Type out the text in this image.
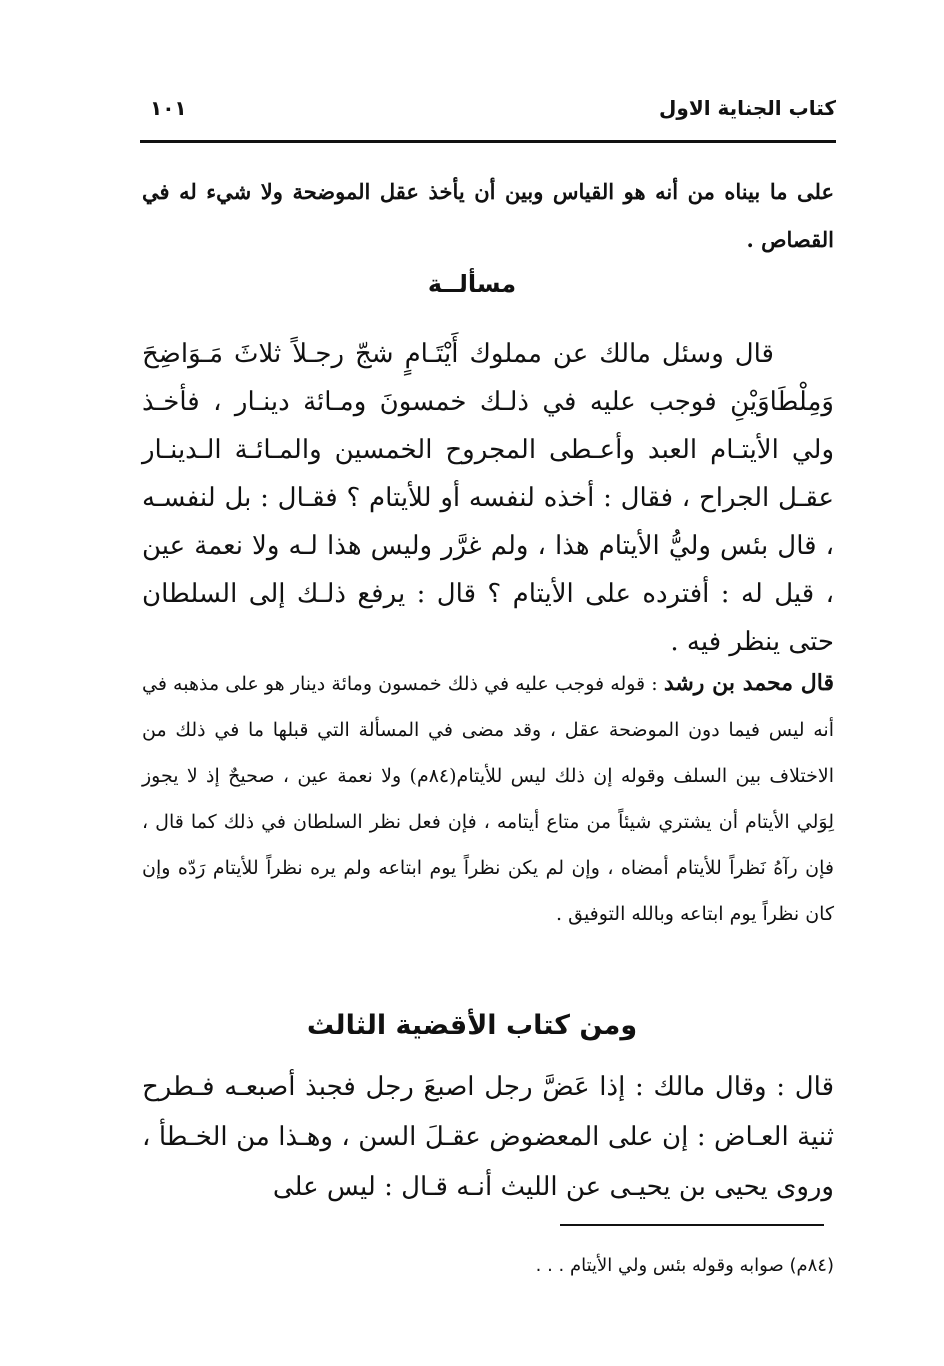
كتاب الجناية الاول
١٠١
على ما بيناه من أنه هو القياس وبين أن يأخذ عقل الموضحة ولا شيء له في القصاص .
مسألــة
قال وسئل مالك عن مملوك أَيْتَـامٍ شجّ رجـلاً ثلاثَ مَـوَاضِحَ وَمِلْطَاوَيْنِ فوجب عليه في ذلـك خمسونَ ومـائة دينـار ، فأخـذ ولي الأيتـام العبد وأعـطى المجروح الخمسين والمـائـة الـدينـار عقـل الجراح ، فقال : أخذه لنفسه أو للأيتام ؟ فقـال : بل لنفسـه ، قال بئس وليُّ الأيتام هذا ، ولم غرَّر وليس هذا لـه ولا نعمة عين ، قيل له : أفترده على الأيتام ؟ قال : يرفع ذلـك إلى السلطان حتى ينظر فيه .
قال محمد بن رشد : قوله فوجب عليه في ذلك خمسون ومائة دينار هو على مذهبه في أنه ليس فيما دون الموضحة عقل ، وقد مضى في المسألة التي قبلها ما في ذلك من الاختلاف بين السلف وقوله إن ذلك ليس للأيتام(٨٤م) ولا نعمة عين ، صحيحٌ إذ لا يجوز لِوَلي الأيتام أن يشتري شيئاً من متاع أيتامه ، فإن فعل نظر السلطان في ذلك كما قال ، فإن رآهُ نَظراً للأيتام أمضاه ، وإن لم يكن نظراً يوم ابتاعه ولم يره نظراً للأيتام رَدّه وإن كان نظراً يوم ابتاعه وبالله التوفيق .
ومن كتاب الأقضية الثالث
قال : وقال مالك : إذا عَضَّ رجل اصبعَ رجل فجبذ أصبعـه فـطرح ثنية العـاض : إن على المعضوض عقـلَ السن ، وهـذا من الخـطأ ، وروى يحيى بن يحيـى عن الليث أنـه قـال : ليس على
(٨٤م) صوابه وقوله بئس ولي الأيتام . . .
